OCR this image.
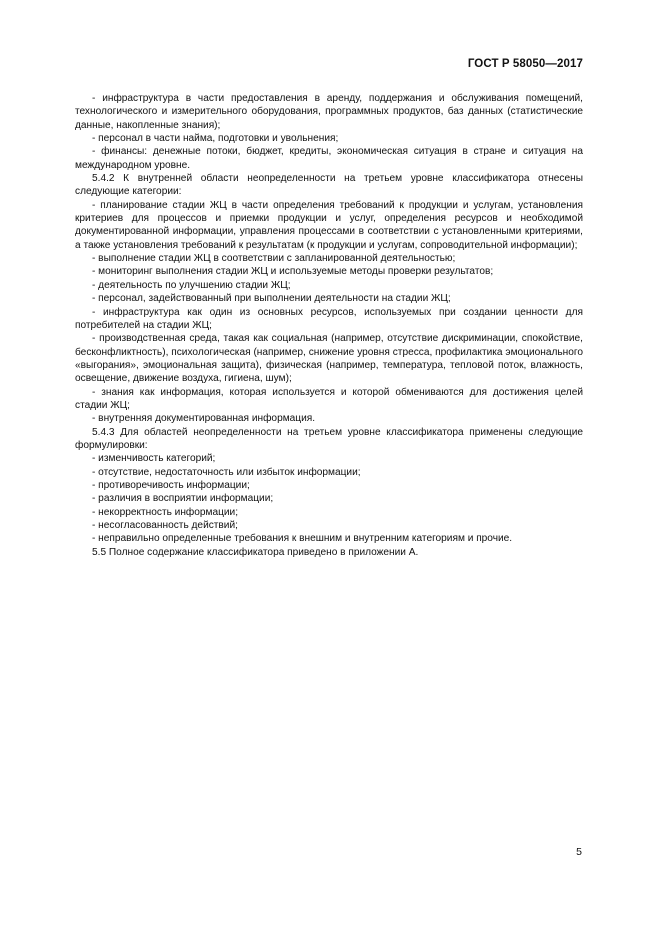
ГОСТ Р 58050—2017

- инфраструктура в части предоставления в аренду, поддержания и обслуживания помещений, технологического и измерительного оборудования, программных продуктов, баз данных (статистические данные, накопленные знания);

- персонал в части найма, подготовки и увольнения;

- финансы: денежные потоки, бюджет, кредиты, экономическая ситуация в стране и ситуация на международном уровне.

5.4.2 К внутренней области неопределенности на третьем уровне классификатора отнесены следующие категории:

- планирование стадии ЖЦ в части определения требований к продукции и услугам, установления критериев для процессов и приемки продукции и услуг, определения ресурсов и необходимой документированной информации, управления процессами в соответствии с установленными критериями, а также установления требований к результатам (к продукции и услугам, сопроводительной информации);

- выполнение стадии ЖЦ в соответствии с запланированной деятельностью;

- мониторинг выполнения стадии ЖЦ и используемые методы проверки результатов;

- деятельность по улучшению стадии ЖЦ;

- персонал, задействованный при выполнении деятельности на стадии ЖЦ;

- инфраструктура как один из основных ресурсов, используемых при создании ценности для потребителей на стадии ЖЦ;

- производственная среда, такая как социальная (например, отсутствие дискриминации, спокойствие, бесконфликтность), психологическая (например, снижение уровня стресса, профилактика эмоционального «выгорания», эмоциональная защита), физическая (например, температура, тепловой поток, влажность, освещение, движение воздуха, гигиена, шум);

- знания как информация, которая используется и которой обмениваются для достижения целей стадии ЖЦ;

- внутренняя документированная информация.

5.4.3 Для областей неопределенности на третьем уровне классификатора применены следующие формулировки:

- изменчивость категорий;

- отсутствие, недостаточность или избыток информации;

- противоречивость информации;

- различия в восприятии информации;

- некорректность информации;

- несогласованность действий;

- неправильно определенные требования к внешним и внутренним категориям и прочие.

5.5 Полное содержание классификатора приведено в приложении А.

5
